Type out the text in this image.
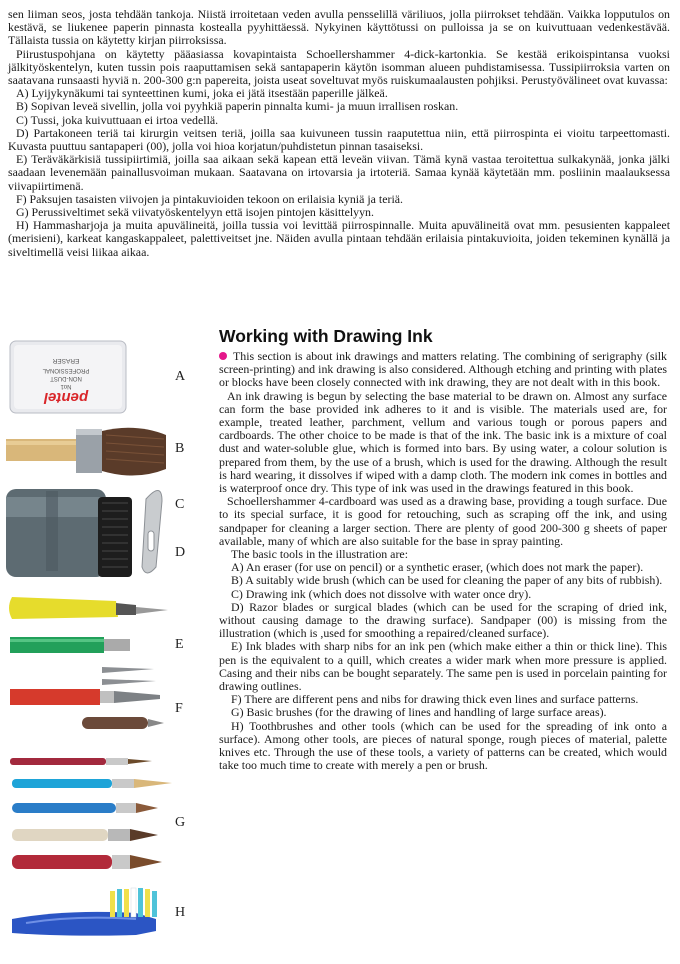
sen liiman seos, josta tehdään tankoja. Niistä irroitetaan veden avulla pensselillä väriliuos, jolla piirrokset tehdään. Vaikka lopputulos on kestävä, se liukenee paperin pinnasta kostealla pyyhittäessä. Nykyinen käyttötussi on pulloissa ja se on kuivuttuaan vedenkestävää. Tällaista tussia on käytetty kirjan piirroksissa.

Piirustuspohjana on käytetty pääasiassa kovapintaista Schoellershammer 4-dick-kartonkia. Se kestää erikoispintansa vuoksi jälkityöskentelyn, kuten tussin pois raaputtamisen sekä santapaperin käytön isomman alueen puhdistamisessa. Tussipiirroksia varten on saatavana runsaasti hyviä n. 200-300 g:n papereita, joista useat soveltuvat myös ruiskumaalausten pohjiksi. Perustyövälineet ovat kuvassa:

A) Lyijykynäkumi tai synteettinen kumi, joka ei jätä itsestään paperille jälkeä.

B) Sopivan leveä sivellin, jolla voi pyyhkiä paperin pinnalta kumi- ja muun irrallisen roskan.

C) Tussi, joka kuivuttuaan ei irtoa vedellä.

D) Partakoneen teriä tai kirurgin veitsen teriä, joilla saa kuivuneen tussin raaputettua niin, että piirrospinta ei vioitu tarpeettomasti. Kuvasta puuttuu santapaperi (00), jolla voi hioa korjatun/puhdistetun pinnan tasaiseksi.

E) Teräväkärkisiä tussipiirtimiä, joilla saa aikaan sekä kapean että leveän viivan. Tämä kynä vastaa teroitettua sulkakynää, jonka jälki saadaan levenemään painallusvoiman mukaan. Saatavana on irtovarsia ja irtoteriä. Samaa kynää käytetään mm. posliinin maalauksessa viivapiirtimenä.

F) Paksujen tasaisten viivojen ja pintakuvioiden tekoon on erilaisia kyniä ja teriä.

G) Perussiveltimet sekä viivatyöskentelyyn että isojen pintojen käsittelyyn.

H) Hammasharjoja ja muita apuvälineitä, joilla tussia voi levittää piirrospinnalle. Muita apuvälineitä ovat mm. pesusienten kappaleet (merisieni), karkeat kangaskappaleet, palettiveitset jne. Näiden avulla pintaan tehdään erilaisia pintakuvioita, joiden tekeminen kynällä ja siveltimellä veisi liikaa aikaa.

ERASER
PROFESSIONAL
NON-DUST
No1
pentel
A
B
C
D
E
F
G
H
Working with Drawing Ink

This section is about ink drawings and matters relating. The combining of serigraphy (silk screen-printing) and ink drawing is also considered. Although etching and printing with plates or blocks have been closely connected with ink drawing, they are not dealt with in this book.

An ink drawing is begun by selecting the base material to be drawn on. Almost any surface can form the base provided ink adheres to it and is visible. The materials used are, for example, treated leather, parchment, vellum and various tough or porous papers and cardboards. The other choice to be made is that of the ink. The basic ink is a mixture of coal dust and water-soluble glue, which is formed into bars. By using water, a colour solution is prepared from them, by the use of a brush, which is used for the drawing. Although the result is hard wearing, it dissolves if wiped with a damp cloth. The modern ink comes in bottles and is waterproof once dry. This type of ink was used in the drawings featured in this book.

Schoellershammer 4-cardboard was used as a drawing base, providing a tough surface. Due to its special surface, it is good for retouching, such as scraping off the ink, and using sandpaper for cleaning a larger section. There are plenty of good 200-300 g sheets of paper available, many of which are also suitable for the base in spray painting.

The basic tools in the illustration are:

A) An eraser (for use on pencil) or a synthetic eraser, (which does not mark the paper).

B) A suitably wide brush (which can be used for cleaning the paper of any bits of rubbish).

C) Drawing ink (which does not dissolve with water once dry).

D) Razor blades or surgical blades (which can be used for the scraping of dried ink, without causing damage to the drawing surface). Sandpaper (00) is missing from the illustration (which is ,used for smoothing a repaired/cleaned surface).

E) Ink blades with sharp nibs for an ink pen (which make either a thin or thick line). This pen is the equivalent to a quill, which creates a wider mark when more pressure is applied. Casing and their nibs can be bought separately. The same pen is used in porcelain painting for drawing outlines.

F) There are different pens and nibs for drawing thick even lines and surface patterns.

G) Basic brushes (for the drawing of lines and handling of large surface areas).

H) Toothbrushes and other tools (which can be used for the spreading of ink onto a surface). Among other tools, are pieces of natural sponge, rough pieces of material, palette knives etc. Through the use of these tools, a variety of patterns can be created, which would take too much time to create with merely a pen or brush.
